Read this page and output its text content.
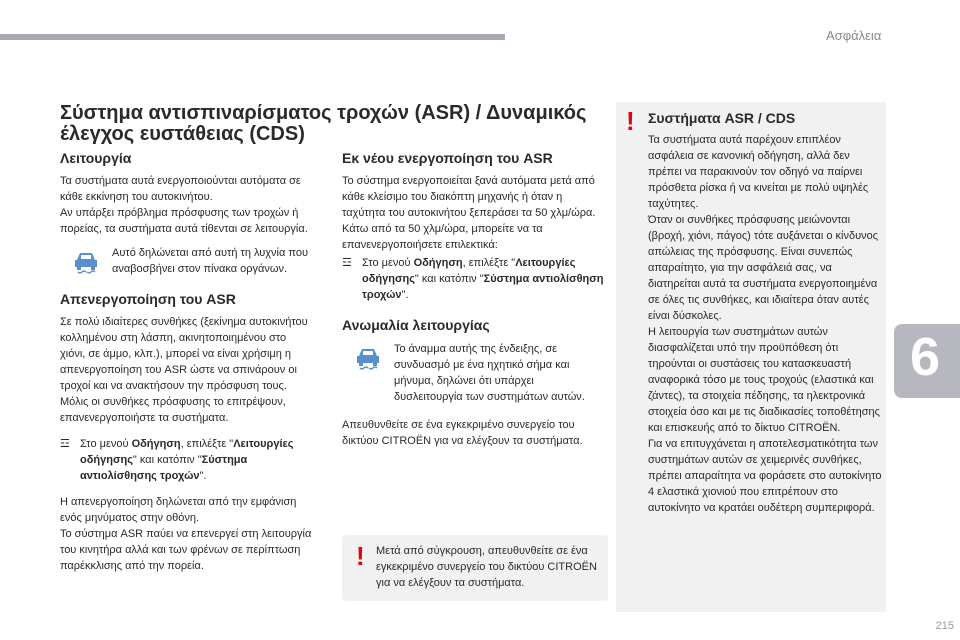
Ασφάλεια
6
215
Σύστημα αντισπιναρίσματος τροχών (ASR) / Δυναμικός έλεγχος ευστάθειας (CDS)
Λειτουργία

Τα συστήματα αυτά ενεργοποιούνται αυτόματα σε κάθε εκκίνηση του αυτοκινήτου.
Αν υπάρξει πρόβλημα πρόσφυσης των τροχών ή πορείας, τα συστήματα αυτά τίθενται σε λειτουργία.

Αυτό δηλώνεται από αυτή τη λυχνία που αναβοσβήνει στον πίνακα οργάνων.
Απενεργοποίηση του ASR

Σε πολύ ιδιαίτερες συνθήκες (ξεκίνημα αυτοκινήτου κολλημένου στη λάσπη, ακινητοποιημένου στο χιόνι, σε άμμο, κλπ.), μπορεί να είναι χρήσιμη η απενεργοποίηση του ASR ώστε να σπινάρουν οι τροχοί και να ανακτήσουν την πρόσφυση τους.
Μόλις οι συνθήκες πρόσφυσης το επιτρέψουν, επανενεργοποιήστε τα συστήματα.

☲ Στο μενού Οδήγηση, επιλέξτε "Λειτουργίες οδήγησης" και κατόπιν "Σύστημα αντιολίσθησης τροχών".

Η απενεργοποίηση δηλώνεται από την εμφάνιση ενός μηνύματος στην οθόνη.
Το σύστημα ASR παύει να επενεργεί στη λειτουργία του κινητήρα αλλά και των φρένων σε περίπτωση παρέκκλισης από την πορεία.

Εκ νέου ενεργοποίηση του ASR

Το σύστημα ενεργοποιείται ξανά αυτόματα μετά από κάθε κλείσιμο του διακόπτη μηχανής ή όταν η ταχύτητα του αυτοκινήτου ξεπεράσει τα 50 χλμ/ώρα.
Κάτω από τα 50 χλμ/ώρα, μπορείτε να τα επανενεργοποιήσετε επιλεκτικά:

☲ Στο μενού Οδήγηση, επιλέξτε "Λειτουργίες οδήγησης" και κατόπιν "Σύστημα αντιολίσθηση τροχών".
Ανωμαλία λειτουργίας
Το άναμμα αυτής της ένδειξης, σε συνδυασμό με ένα ηχητικό σήμα και μήνυμα, δηλώνει ότι υπάρχει δυσλειτουργία των συστημάτων αυτών.

Απευθυνθείτε σε ένα εγκεκριμένο συνεργείο του δικτύου CITROËN για να ελέγξουν τα συστήματα.

! Μετά από σύγκρουση, απευθυνθείτε σε ένα εγκεκριμένο συνεργείο του δικτύου CITROËN για να ελέγξουν τα συστήματα.

! Συστήματα ASR / CDS

Τα συστήματα αυτά παρέχουν επιπλέον ασφάλεια σε κανονική οδήγηση, αλλά δεν πρέπει να παρακινούν τον οδηγό να παίρνει πρόσθετα ρίσκα ή να κινείται με πολύ υψηλές ταχύτητες.
Όταν οι συνθήκες πρόσφυσης μειώνονται (βροχή, χιόνι, πάγος) τότε αυξάνεται ο κίνδυνος απώλειας της πρόσφυσης. Είναι συνεπώς απαραίτητο, για την ασφάλειά σας, να διατηρείται αυτά τα συστήματα ενεργοποιημένα σε όλες τις συνθήκες, και ιδιαίτερα όταν αυτές είναι δύσκολες.
Η λειτουργία των συστημάτων αυτών διασφαλίζεται υπό την προϋπόθεση ότι τηρούνται οι συστάσεις του κατασκευαστή αναφορικά τόσο με τους τροχούς (ελαστικά και ζάντες), τα στοιχεία πέδησης, τα ηλεκτρονικά στοιχεία όσο και με τις διαδικασίες τοποθέτησης και επισκευής από το δίκτυο CITROËN.
Για να επιτυγχάνεται η αποτελεσματικότητα των συστημάτων αυτών σε χειμερινές συνθήκες, πρέπει απαραίτητα να φοράσετε στο αυτοκίνητο 4 ελαστικά χιονιού που επιτρέπουν στο αυτοκίνητο να κρατάει ουδέτερη συμπεριφορά.
